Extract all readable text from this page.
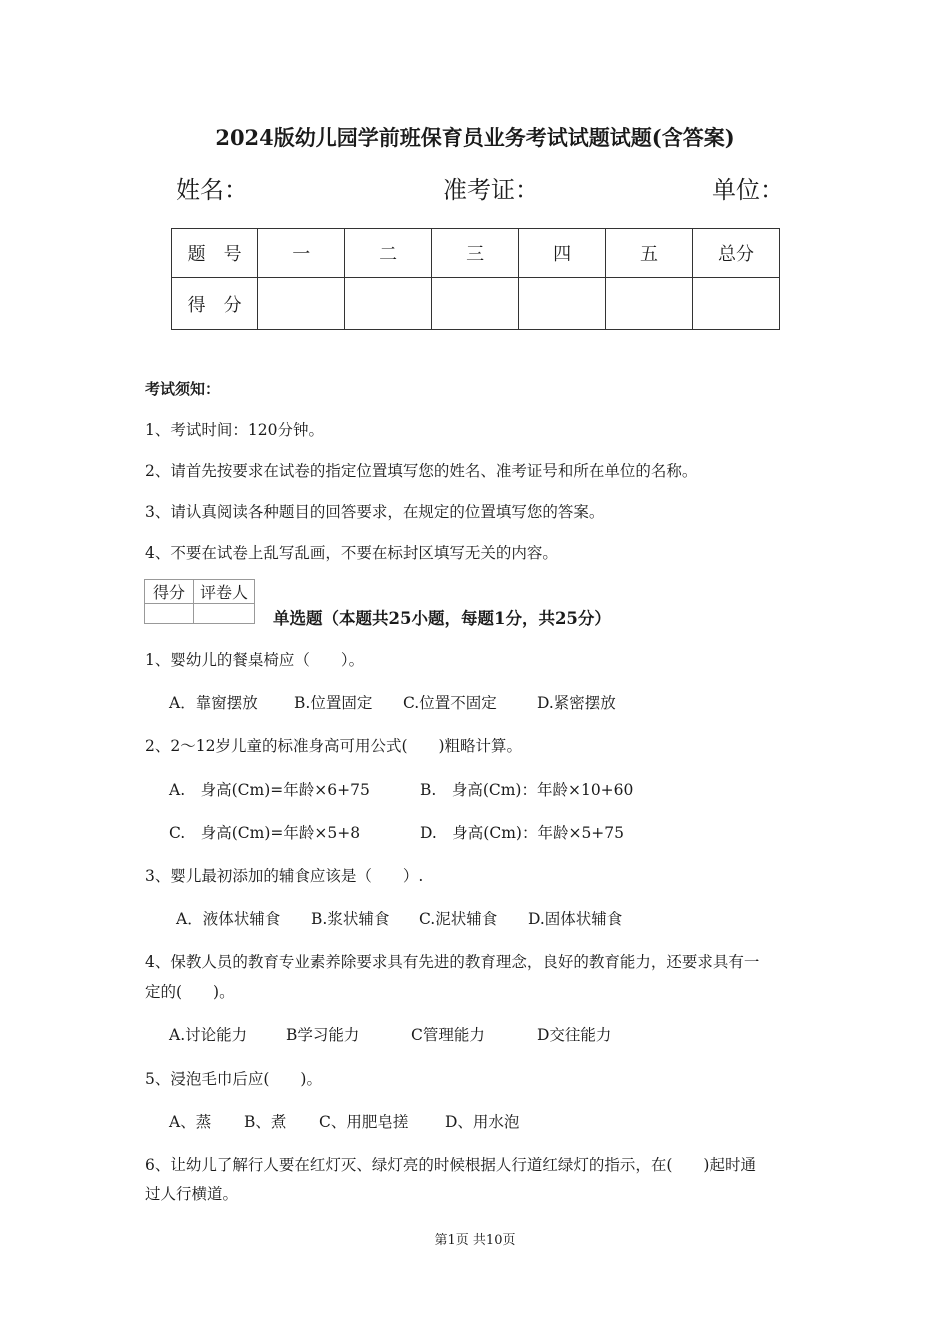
2024版幼儿园学前班保育员业务考试试题试题(含答案)
姓名：	准考证：	单位：
题　号	一	二	三	四	五	总分
得　分						
考试须知：
1、考试时间：120分钟。
2、请首先按要求在试卷的指定位置填写您的姓名、准考证号和所在单位的名称。
3、请认真阅读各种题目的回答要求，在规定的位置填写您的答案。
4、不要在试卷上乱写乱画，不要在标封区填写无关的内容。
得分	评卷人

单选题（本题共25小题，每题1分，共25分）
1、婴幼儿的餐桌椅应（　　）。
A．靠窗摆放 B.位置固定 C.位置不固定	D.紧密摆放
2、2～12岁儿童的标准身高可用公式(　　)粗略计算。
A.　身高(Cm)=年龄×6+75	B.　身高(Cm)：年龄×10+60
C.　身高(Cm)=年龄×5+8	D.　身高(Cm)：年龄×5+75
3、婴儿最初添加的辅食应该是（　　）.
A．液体状辅食 B.浆状辅食 C.泥状辅食 D.固体状辅食
4、保教人员的教育专业素养除要求具有先进的教育理念，良好的教育能力，还要求具有一
定的(　　)。
A.讨论能力	B学习能力	C管理能力	D交往能力
5、浸泡毛巾后应(　　)。
A、蒸 B、煮 C、用肥皂搓 D、用水泡
6、让幼儿了解行人要在红灯灭、绿灯亮的时候根据人行道红绿灯的指示，在(　　)起时通
过人行横道。
第1页 共10页
